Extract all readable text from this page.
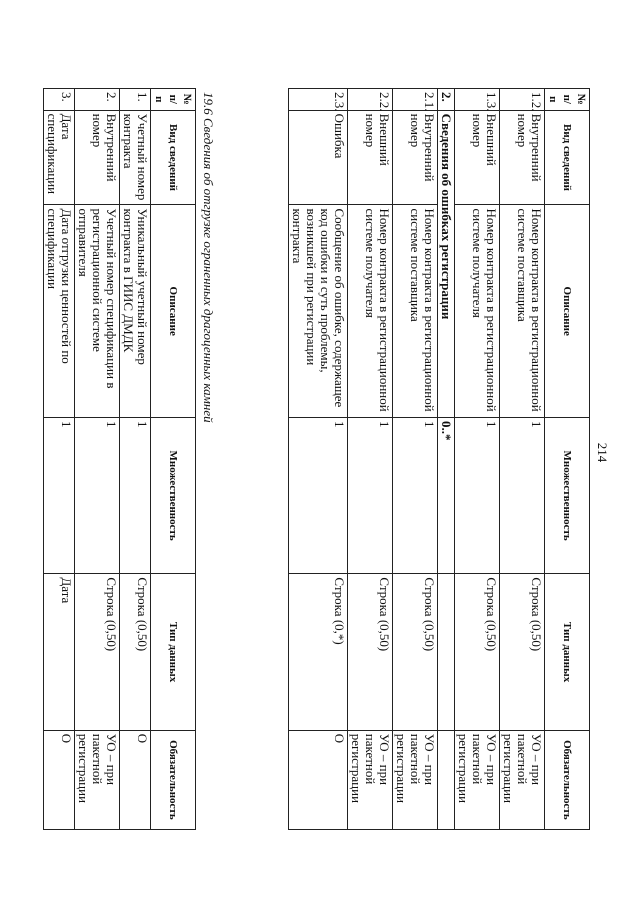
214
№ п/п	Вид сведений	Описание	Множественность	Тип данных	Обязательность
1.2.	Внутренний номер	Номер контракта в регистрационной системе поставщика	1	Строка (0,50)	УО – при пакетной регистрации
1.3.	Внешний номер	Номер контракта в регистрационной системе получателя	1	Строка (0,50)	УО – при пакетной регистрации
2.	Сведения об ошибках регистрации		0..*		
2.1.	Внутренний номер	Номер контракта в регистрационной системе поставщика	1	Строка (0,50)	УО – при пакетной регистрации
2.2.	Внешний номер	Номер контракта в регистрационной системе получателя	1	Строка (0,50)	УО – при пакетной регистрации
2.3.	Ошибка	Сообщение об ошибке, содержащее код ошибки и суть проблемы, возникшей при регистрации контракта	1	Строка (0,*)	О
19.6 Сведения об отгрузке ограненных драгоценных камней
№ п/п	Вид сведений	Описание	Множественность	Тип данных	Обязательность
1.	Учетный номер контракта	Уникальный учетный номер контракта в ГИИС ДМДК	1	Строка (0,50)	О
2.	Внутренний номер	Учетный номер спецификации в регистрационной системе отправителя	1	Строка (0,50)	УО – при пакетной регистрации
3.	Дата спецификации	Дата отгрузки ценностей по спецификации	1	Дата	О
